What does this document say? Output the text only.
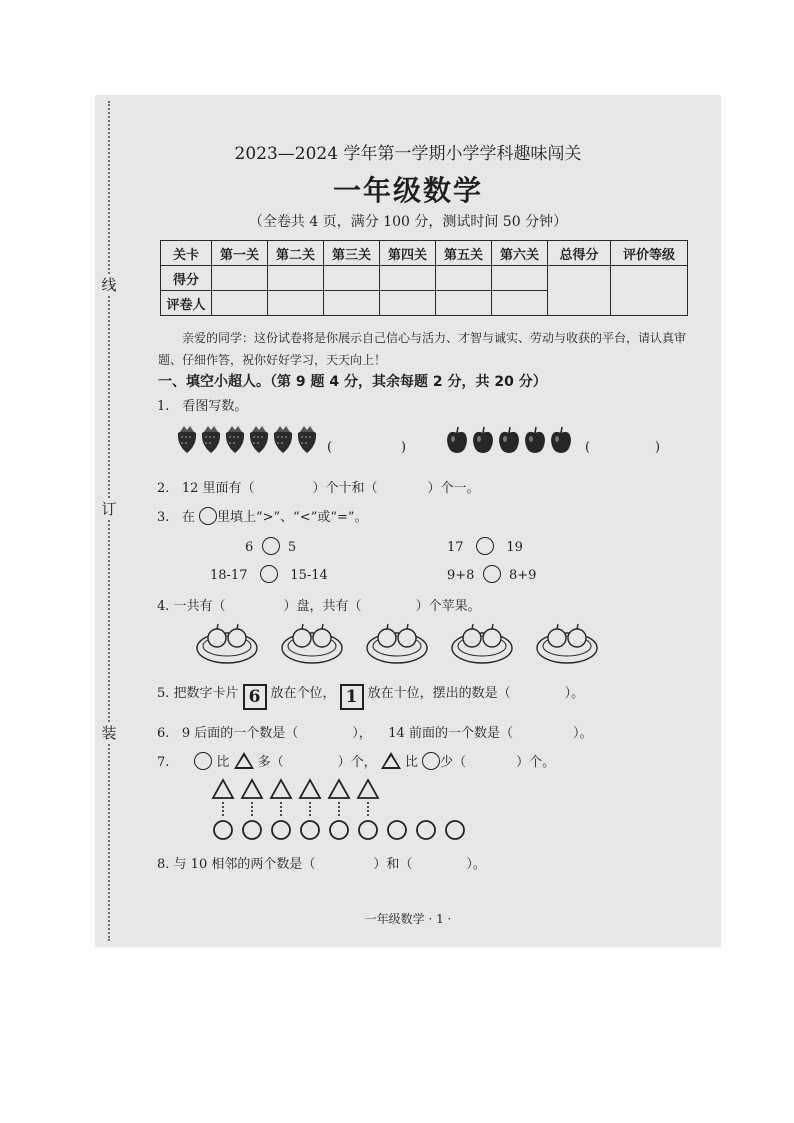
线
订
装
2023—2024 学年第一学期小学学科趣味闯关
一年级数学
（全卷共 4 页，满分 100 分，测试时间 50 分钟）
关卡	第一关	第二关	第三关	第四关	第五关	第六关	总得分	评价等级
得分								
评卷人								
亲爱的同学：这份试卷将是你展示自己信心与活力、才智与诚实、劳动与收获的平台，请认真审题、仔细作答，祝你好好学习，天天向上！
一、填空小超人。（第 9 题 4 分，其余每题 2 分，共 20 分）
1.　看图写数。
(	)	(	)
2. 12 里面有（	）个十和（	）个一。
3. 在 里填上“>”、“<”或“=”。
6	5	17	19
18-17	15-14	9+8	8+9
4. 一共有（	）盘，共有（	）个苹果。
5. 把数字卡片 6 放在个位， 1 放在十位，摆出的数是（	）。
6. 9 后面的一个数是（	）， 14 前面的一个数是（	）。
7.	比 多（	）个， 比 少（	）个。
8. 与 10 相邻的两个数是（	）和（	）。
一年级数学 · 1 ·
